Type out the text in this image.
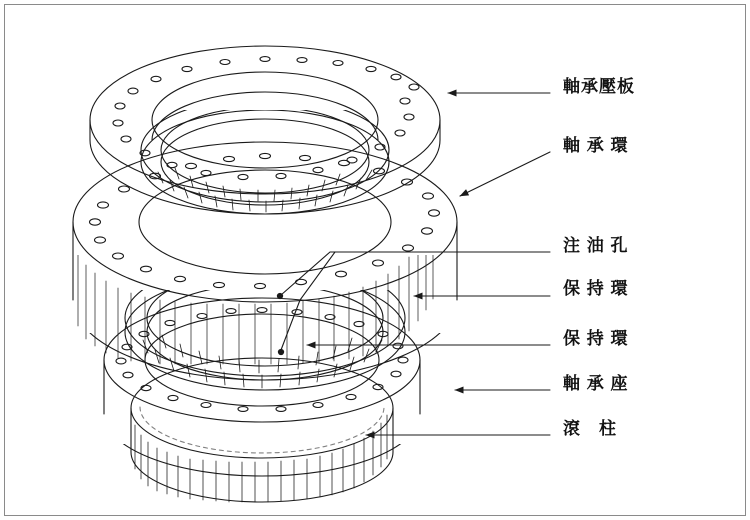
軸承壓板
軸 承 環
注 油 孔
保 持 環
保 持 環
軸 承 座
滾　柱
